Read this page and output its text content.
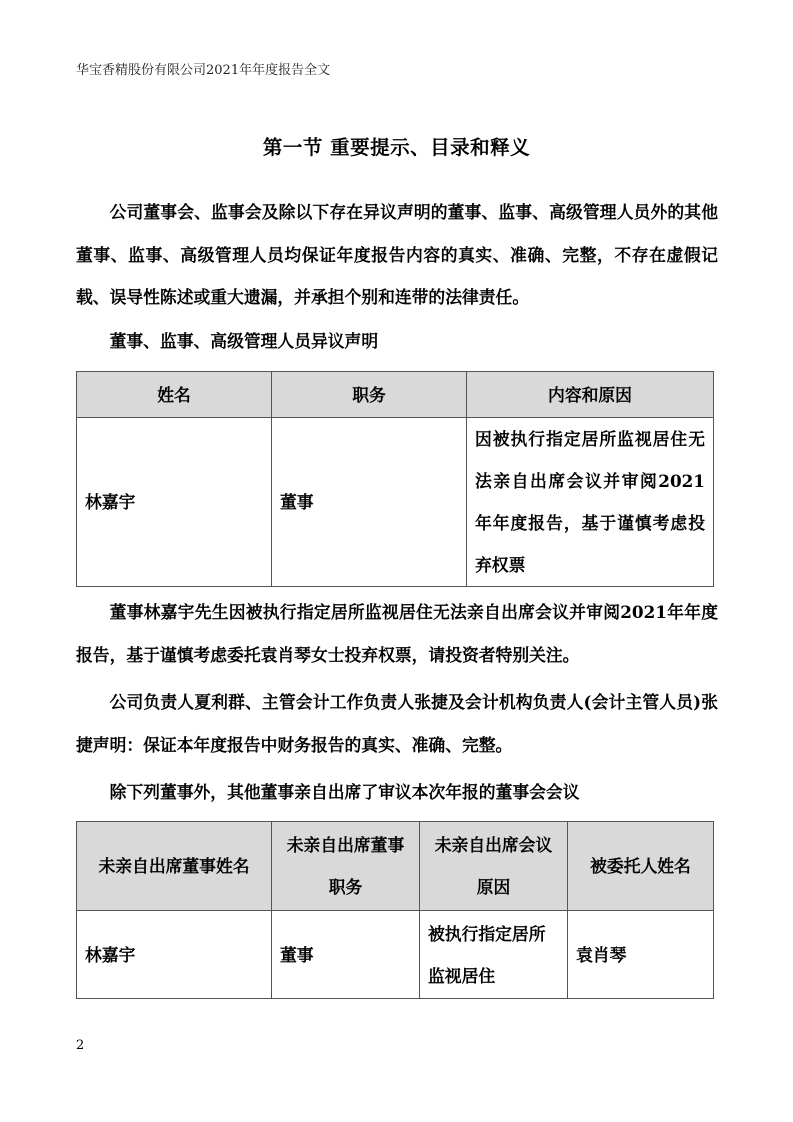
华宝香精股份有限公司2021年年度报告全文
第一节 重要提示、目录和释义
公司董事会、监事会及除以下存在异议声明的董事、监事、高级管理人员外的其他董事、监事、高级管理人员均保证年度报告内容的真实、准确、完整，不存在虚假记载、误导性陈述或重大遗漏，并承担个别和连带的法律责任。
董事、监事、高级管理人员异议声明
姓名	职务	内容和原因
林嘉宇	董事	因被执行指定居所监视居住无法亲自出席会议并审阅2021年年度报告，基于谨慎考虑投弃权票
董事林嘉宇先生因被执行指定居所监视居住无法亲自出席会议并审阅2021年年度报告，基于谨慎考虑委托袁肖琴女士投弃权票，请投资者特别关注。
公司负责人夏利群、主管会计工作负责人张捷及会计机构负责人(会计主管人员)张捷声明：保证本年度报告中财务报告的真实、准确、完整。
除下列董事外，其他董事亲自出席了审议本次年报的董事会会议
未亲自出席董事姓名	未亲自出席董事职务	未亲自出席会议原因	被委托人姓名
林嘉宇	董事	被执行指定居所监视居住	袁肖琴
2
